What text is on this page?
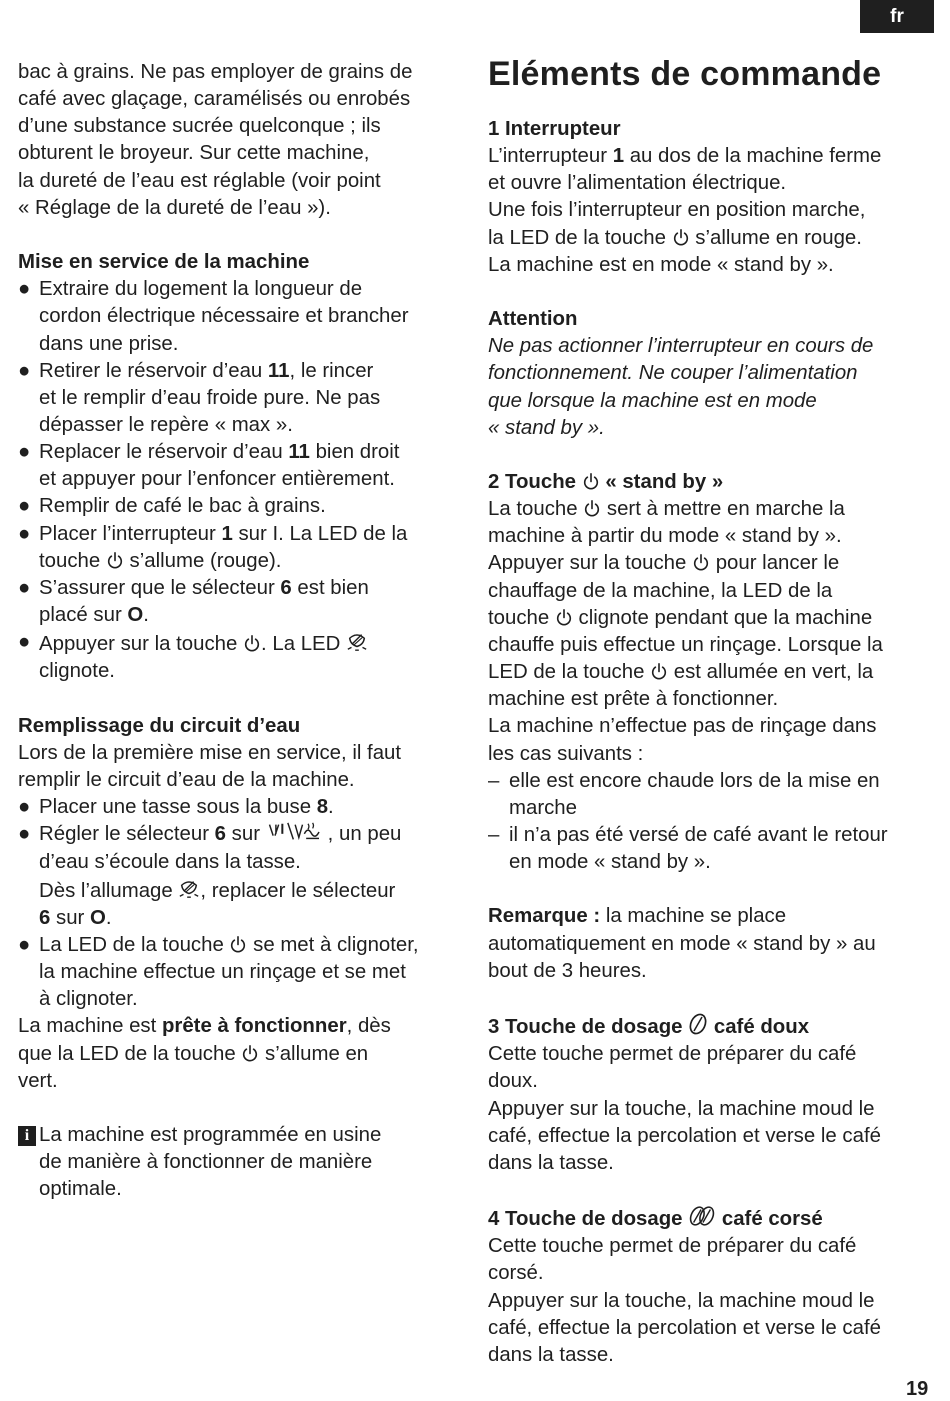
fr

bac à grains. Ne pas employer de grains de

café avec glaçage, caramélisés ou enrobés

d’une substance sucrée quelconque ; ils

obturent le broyeur. Sur cette machine,

la dureté de l’eau est réglable (voir point

« Réglage de la dureté de l’eau »).

Mise en service de la machine

● Extraire du logement la longueur de

cordon électrique nécessaire et brancher

dans une prise.

● Retirer le réservoir d’eau 11, le rincer

et le remplir d’eau froide pure. Ne pas

dépasser le repère « max ».

● Replacer le réservoir d’eau 11 bien droit

et appuyer pour l’enfoncer entièrement.

● Remplir de café le bac à grains.

● Placer l’interrupteur 1 sur I. La LED de la

touche
s’allume (rouge).

● S’assurer que le sélecteur 6 est bien

placé sur O.

● Appuyer sur la touche
. La LED

clignote.

Remplissage du circuit d’eau

Lors de la première mise en service, il faut

remplir le circuit d’eau de la machine.

● Placer une tasse sous la buse 8.

● Régler le sélecteur 6 sur	, un peu

d’eau s’écoule dans la tasse.

Dès l’allumage
, replacer le sélecteur

6 sur O.

● La LED de la touche
se met à clignoter,

la machine effectue un rinçage et se met

à clignoter.

La machine est prête à fonctionner, dès

que la LED de la touche
s’allume en

vert.

i La machine est programmée en usine

de manière à fonctionner de manière

optimale.

Eléments de commande

1 Interrupteur

L’interrupteur 1 au dos de la machine ferme

et ouvre l’alimentation électrique.

Une fois l’interrupteur en position marche,

la LED de la touche
s’allume en rouge.

La machine est en mode « stand by ».

Attention

Ne pas actionner l’interrupteur en cours de

fonctionnement. Ne couper l’alimentation

que lorsque la machine est en mode

« stand by ».

2 Touche
« stand by »

La touche
sert à mettre en marche la

machine à partir du mode « stand by ».

Appuyer sur la touche
pour lancer le

chauffage de la machine, la LED de la

touche
clignote pendant que la machine

chauffe puis effectue un rinçage. Lorsque la

LED de la touche
est allumée en vert, la

machine est prête à fonctionner.

La machine n’effectue pas de rinçage dans

les cas suivants :

– elle est encore chaude lors de la mise en

marche

– il n’a pas été versé de café avant le retour

en mode « stand by ».

Remarque : la machine se place

automatiquement en mode « stand by » au

bout de 3 heures.

3 Touche de dosage
café doux

Cette touche permet de préparer du café

doux.

Appuyer sur la touche, la machine moud le

café, effectue la percolation et verse le café

dans la tasse.

4 Touche de dosage
café corsé

Cette touche permet de préparer du café

corsé.

Appuyer sur la touche, la machine moud le

café, effectue la percolation et verse le café

dans la tasse.

19
